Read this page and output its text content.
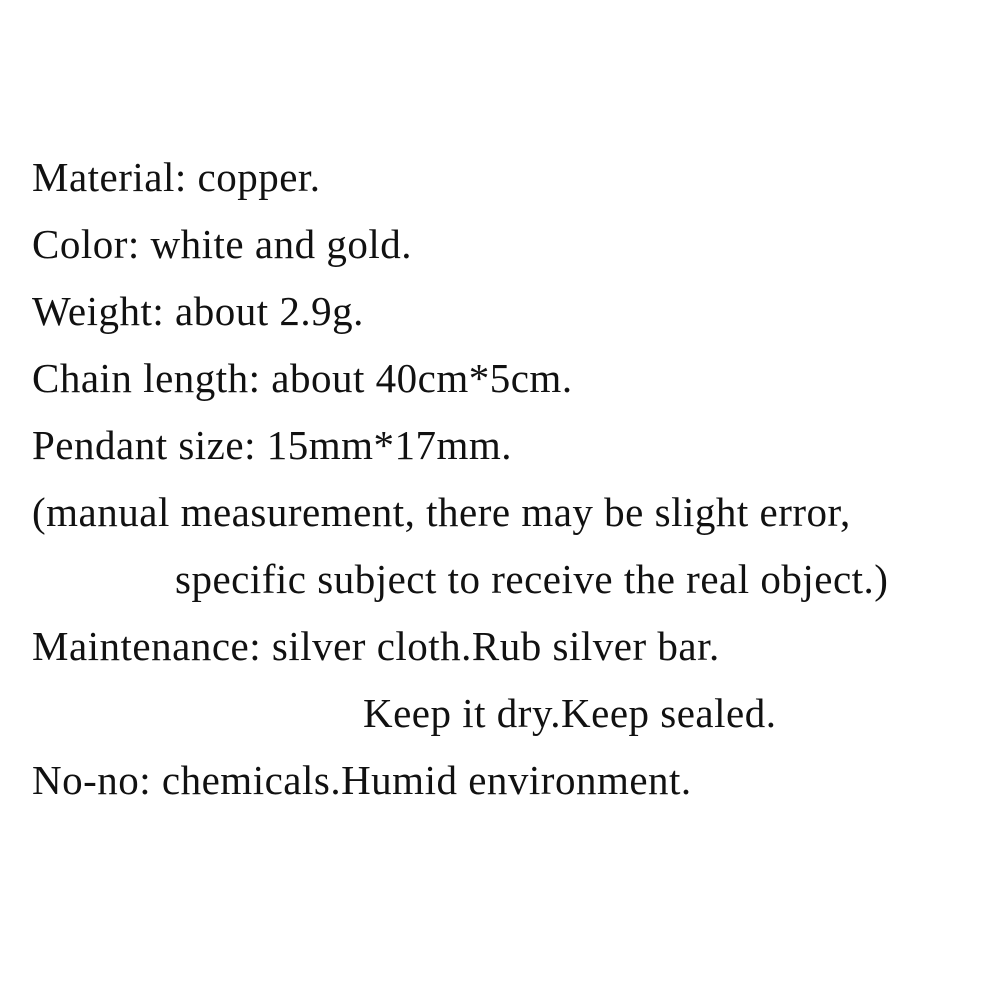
Material: copper.
Color: white and gold.
Weight: about 2.9g.
Chain length: about 40cm*5cm.
Pendant size: 15mm*17mm.
(manual measurement, there may be slight error,
specific subject to receive the real object.)
Maintenance: silver cloth.Rub silver bar.
Keep it dry.Keep sealed.
No-no: chemicals.Humid environment.
